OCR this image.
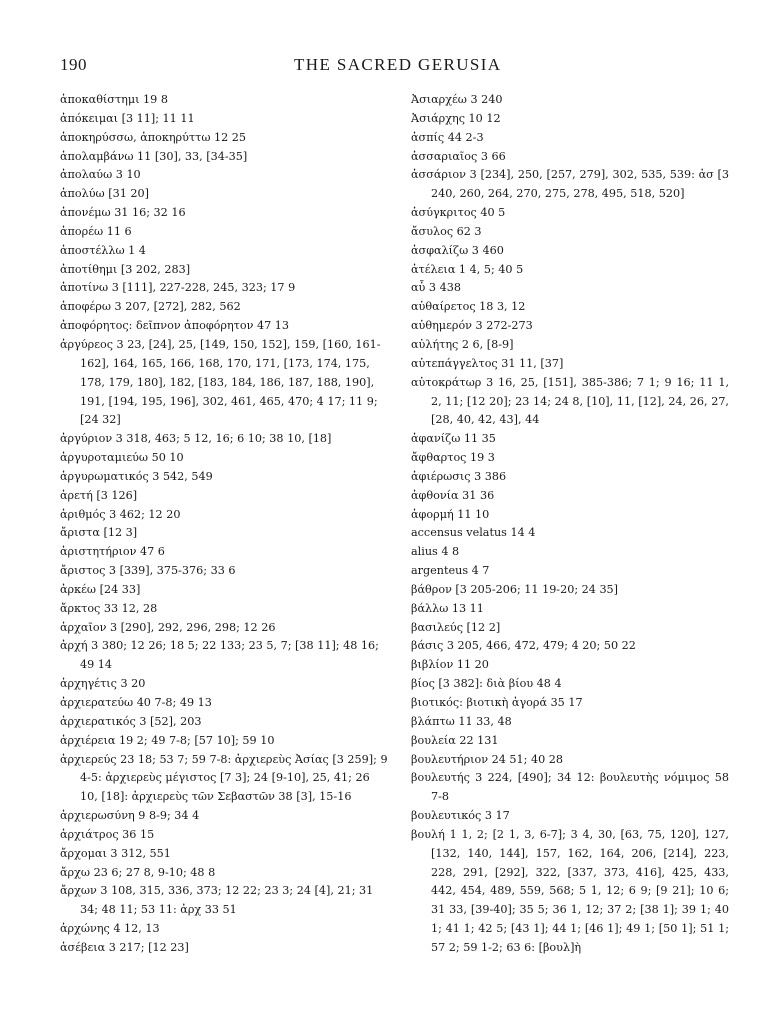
190	THE SACRED GERUSIA
ἀποκαθίστημι 19 8
ἀπόκειμαι [3 11]; 11 11
ἀποκηρύσσω, ἀποκηρύττω 12 25
ἀπολαμβάνω 11 [30], 33, [34-35]
ἀπολαύω 3 10
ἀπολύω [31 20]
ἀπονέμω 31 16; 32 16
ἀπορέω 11 6
ἀποστέλλω 1 4
ἀποτίθημι [3 202, 283]
ἀποτίνω 3 [111], 227-228, 245, 323; 17 9
ἀποφέρω 3 207, [272], 282, 562
ἀποφόρητος: δεῖπνον ἀποφόρητον 47 13
ἀργύρεος 3 23, [24], 25, [149, 150, 152], 159, [160, 161-162], 164, 165, 166, 168, 170, 171, [173, 174, 175, 178, 179, 180], 182, [183, 184, 186, 187, 188, 190], 191, [194, 195, 196], 302, 461, 465, 470; 4 17; 11 9; [24 32]
ἀργύριον 3 318, 463; 5 12, 16; 6 10; 38 10, [18]
ἀργυροταμιεύω 50 10
ἀργυρωματικός 3 542, 549
ἀρετή [3 126]
ἀριθμός 3 462; 12 20
ἄριστα [12 3]
ἀριστητήριον 47 6
ἄριστος 3 [339], 375-376; 33 6
ἀρκέω [24 33]
ἄρκτος 33 12, 28
ἀρχαῖον 3 [290], 292, 296, 298; 12 26
ἀρχή 3 380; 12 26; 18 5; 22 133; 23 5, 7; [38 11]; 48 16; 49 14
ἀρχηγέτις 3 20
ἀρχιερατεύω 40 7-8; 49 13
ἀρχιερατικός 3 [52], 203
ἀρχιέρεια 19 2; 49 7-8; [57 10]; 59 10
ἀρχιερεύς 23 18; 53 7; 59 7-8: ἀρχιερεὺς Ἀσίας [3 259]; 9 4-5: ἀρχιερεὺς μέγιστος [7 3]; 24 [9-10], 25, 41; 26 10, [18]: ἀρχιερεὺς τῶν Σεβαστῶν 38 [3], 15-16
ἀρχιερωσύνη 9 8-9; 34 4
ἀρχιάτρος 36 15
ἄρχομαι 3 312, 551
ἄρχω 23 6; 27 8, 9-10; 48 8
ἄρχων 3 108, 315, 336, 373; 12 22; 23 3; 24 [4], 21; 31 34; 48 11; 53 11: ἀρχ 33 51
ἀρχώνης 4 12, 13
ἀσέβεια 3 217; [12 23]
Ἀσιαρχέω 3 240
Ἀσιάρχης 10 12
ἀσπίς 44 2-3
ἀσσαριαῖος 3 66
ἀσσάριον 3 [234], 250, [257, 279], 302, 535, 539: ἀσ [3 240, 260, 264, 270, 275, 278, 495, 518, 520]
ἀσύγκριτος 40 5
ἄσυλος 62 3
ἀσφαλίζω 3 460
ἀτέλεια 1 4, 5; 40 5
αὖ 3 438
αὐθαίρετος 18 3, 12
αὐθημερόν 3 272-273
αὐλήτης 2 6, [8-9]
αὐτεπάγγελτος 31 11, [37]
αὐτοκράτωρ 3 16, 25, [151], 385-386; 7 1; 9 16; 11 1, 2, 11; [12 20]; 23 14; 24 8, [10], 11, [12], 24, 26, 27, [28, 40, 42, 43], 44
ἀφανίζω 11 35
ἄφθαρτος 19 3
ἀφιέρωσις 3 386
ἀφθονία 31 36
ἀφορμή 11 10
accensus velatus 14 4
alius 4 8
argenteus 4 7
βάθρον [3 205-206; 11 19-20; 24 35]
βάλλω 13 11
βασιλεύς [12 2]
βάσις 3 205, 466, 472, 479; 4 20; 50 22
βιβλίον 11 20
βίος [3 382]: διὰ βίου 48 4
βιοτικός: βιοτικὴ ἀγορά 35 17
βλάπτω 11 33, 48
βουλεία 22 131
βουλευτήριον 24 51; 40 28
βουλευτής 3 224, [490]; 34 12: βουλευτὴς νόμιμος 58 7-8
βουλευτικός 3 17
βουλή 1 1, 2; [2 1, 3, 6-7]; 3 4, 30, [63, 75, 120], 127, [132, 140, 144], 157, 162, 164, 206, [214], 223, 228, 291, [292], 322, [337, 373, 416], 425, 433, 442, 454, 489, 559, 568; 5 1, 12; 6 9; [9 21]; 10 6; 31 33, [39-40]; 35 5; 36 1, 12; 37 2; [38 1]; 39 1; 40 1; 41 1; 42 5; [43 1]; 44 1; [46 1]; 49 1; [50 1]; 51 1; 57 2; 59 1-2; 63 6: [βουλ]ὴ
